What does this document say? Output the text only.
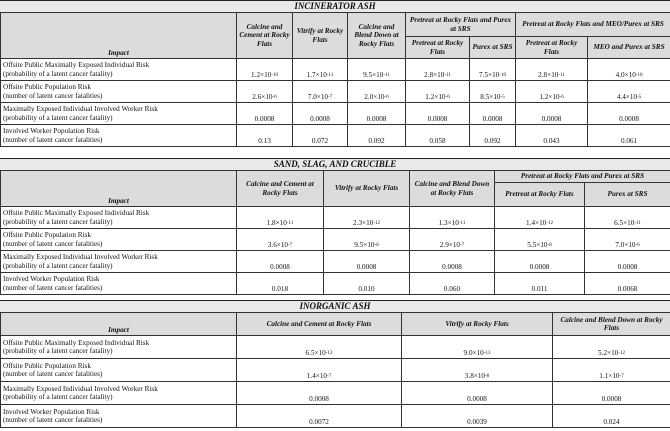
INCINERATOR ASH
Impact	Calcine and Cement at Rocky Flats	Vitrify at Rocky Flats	Calcine and Blend Down at Rocky Flats	Pretreat at Rocky Flats and Purex at SRS		Pretreat at Rocky Flats and MEO/Purex at SRS	
				Pretreat at Rocky Flats	Purex at SRS	Pretreat at Rocky Flats	MEO and Purex at SRS
Offsite Public Maximally Exposed Individual Risk
(probability of a latent cancer fatality)	$1.2\times 10^{-10}$	$1.7\times 10^{-11}$	$9.5\times 10^{-11}$	$2.8\times 10^{-11}$	$7.5\times 10^{-10}$	$2.8\times 10^{-11}$	$4.0\times 10^{-10}$
Offsite Public Population Risk
(number of latent cancer fatalities)	$2.6\times 10^{-6}$	$7.0\times 10^{-7}$	$2.0\times 10^{-6}$	$1.2\times 10^{-6}$	$8.5\times 10^{-5}$	$1.2\times 10^{-6}$	$4.4\times 10^{-5}$
Maximally Exposed Individual Involved Worker Risk
(probability of a latent cancer fatality)	0.0008	0.0008	0.0008	0.0008	0.0008	0.0008	0.0008
Involved Worker Population Risk
(number of latent cancer fatalities)	0.13	0.072	0.092	0.058	0.092	0.043	0.061
SAND, SLAG, AND CRUCIBLE
Impact	Calcine and Cement at Rocky Flats	Vitrify at Rocky Flats	Calcine and Blend Down at Rocky Flats	Pretreat at Rocky Flats and Purex at SRS	
				Pretreat at Rocky Flats	Purex at SRS
Offsite Public Maximally Exposed Individual Risk
(probability of a latent cancer fatality)	$1.8\times 10^{-11}$	$2.3\times 10^{-12}$	$1.3\times 10^{-11}$	$1.4\times 10^{-12}$	$6.5\times 10^{-11}$
Offsite Public Population Risk
(number of latent cancer fatalities)	$3.6\times 10^{-7}$	$9.5\times 10^{-8}$	$2.9\times 10^{-7}$	$5.5\times 10^{-8}$	$7.0\times 10^{-6}$
Maximally Exposed Individual Involved Worker Risk
(probability of a latent cancer fatality)	0.0008	0.0008	0.0008	0.0008	0.0008
Involved Worker Population Risk
(number of latent cancer fatalities)	0.018	0.010	0.060	0.011	0.0068
INORGANIC ASH
Impact	Calcine and Cement at Rocky Flats	Vitrify at Rocky Flats	Calcine and Blend Down at Rocky Flats
Offsite Public Maximally Exposed Individual Risk
(probability of a latent cancer fatality)	$6.5\times 10^{-12}$	$9.0\times 10^{-13}$	$5.2\times 10^{-12}$
Offsite Public Population Risk
(number of latent cancer fatalities)	$1.4\times 10^{-7}$	$3.8\times 10^{-8}$	$1.1\times 10^{-7}$
Maximally Exposed Individual Involved Worker Risk
(probability of a latent cancer fatality)	0.0008	0.0008	0.0008
Involved Worker Population Risk
(number of latent cancer fatalities)	0.0072	0.0039	0.024
